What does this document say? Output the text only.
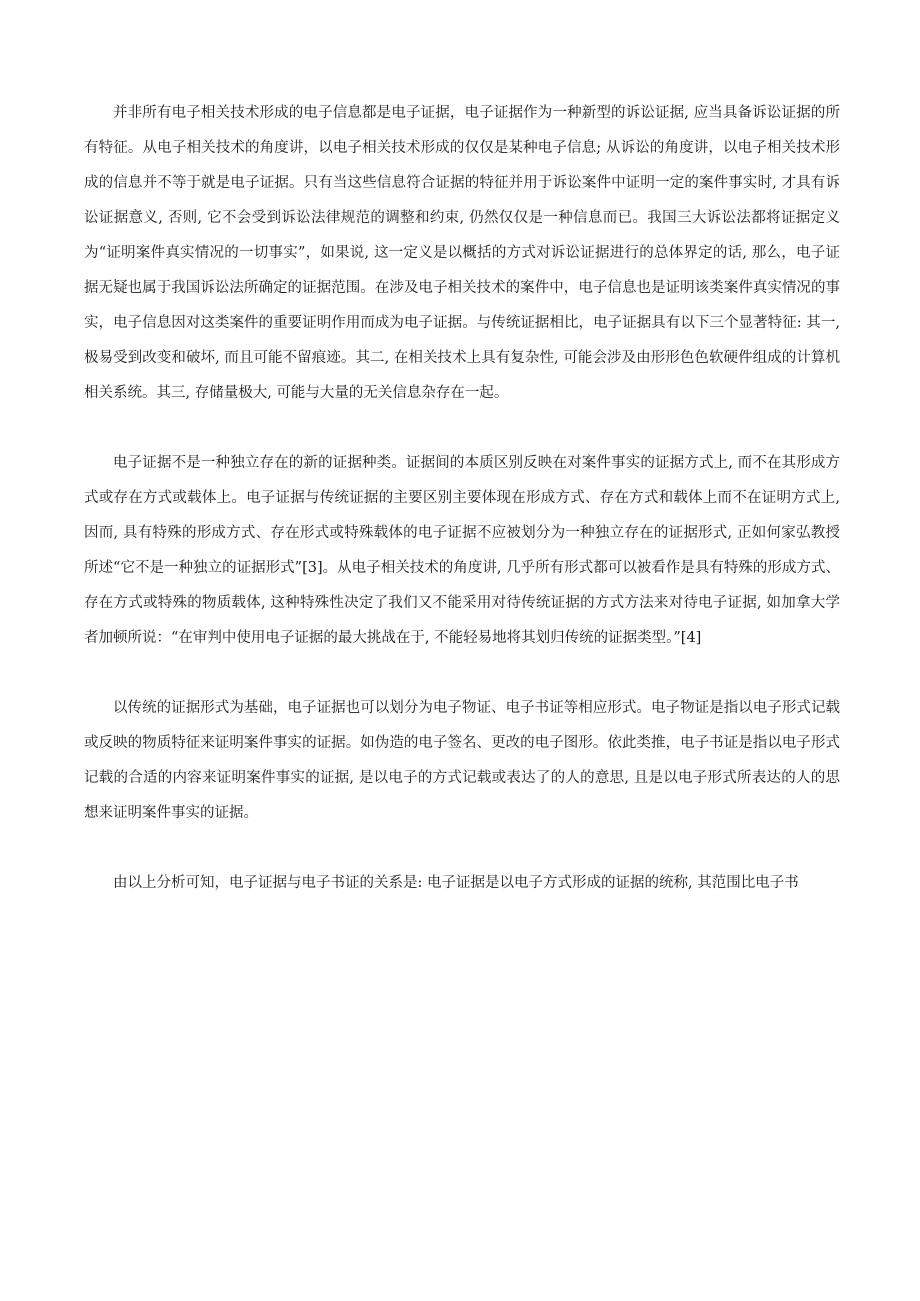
并非所有电子相关技术形成的电子信息都是电子证据，电子证据作为一种新型的诉讼证据, 应当具备诉讼证据的所有特征。从电子相关技术的角度讲，以电子相关技术形成的仅仅是某种电子信息; 从诉讼的角度讲，以电子相关技术形成的信息并不等于就是电子证据。只有当这些信息符合证据的特征并用于诉讼案件中证明一定的案件事实时, 才具有诉讼证据意义, 否则, 它不会受到诉讼法律规范的调整和约束, 仍然仅仅是一种信息而已。我国三大诉讼法都将证据定义为“证明案件真实情况的一切事实”，如果说, 这一定义是以概括的方式对诉讼证据进行的总体界定的话, 那么，电子证据无疑也属于我国诉讼法所确定的证据范围。在涉及电子相关技术的案件中，电子信息也是证明该类案件真实情况的事实，电子信息因对这类案件的重要证明作用而成为电子证据。与传统证据相比，电子证据具有以下三个显著特征: 其一, 极易受到改变和破坏, 而且可能不留痕迹。其二, 在相关技术上具有复杂性, 可能会涉及由形形色色软硬件组成的计算机相关系统。其三, 存储量极大, 可能与大量的无关信息杂存在一起。

电子证据不是一种独立存在的新的证据种类。证据间的本质区别反映在对案件事实的证据方式上, 而不在其形成方式或存在方式或载体上。电子证据与传统证据的主要区别主要体现在形成方式、存在方式和载体上而不在证明方式上, 因而, 具有特殊的形成方式、存在形式或特殊载体的电子证据不应被划分为一种独立存在的证据形式, 正如何家弘教授所述“它不是一种独立的证据形式”[3]。从电子相关技术的角度讲, 几乎所有形式都可以被看作是具有特殊的形成方式、存在方式或特殊的物质载体, 这种特殊性决定了我们又不能采用对待传统证据的方式方法来对待电子证据, 如加拿大学者加顿所说：“在审判中使用电子证据的最大挑战在于, 不能轻易地将其划归传统的证据类型。”[4]

以传统的证据形式为基础，电子证据也可以划分为电子物证、电子书证等相应形式。电子物证是指以电子形式记载或反映的物质特征来证明案件事实的证据。如伪造的电子签名、更改的电子图形。依此类推，电子书证是指以电子形式记载的合适的内容来证明案件事实的证据, 是以电子的方式记载或表达了的人的意思, 且是以电子形式所表达的人的思想来证明案件事实的证据。

由以上分析可知，电子证据与电子书证的关系是: 电子证据是以电子方式形成的证据的统称, 其范围比电子书
